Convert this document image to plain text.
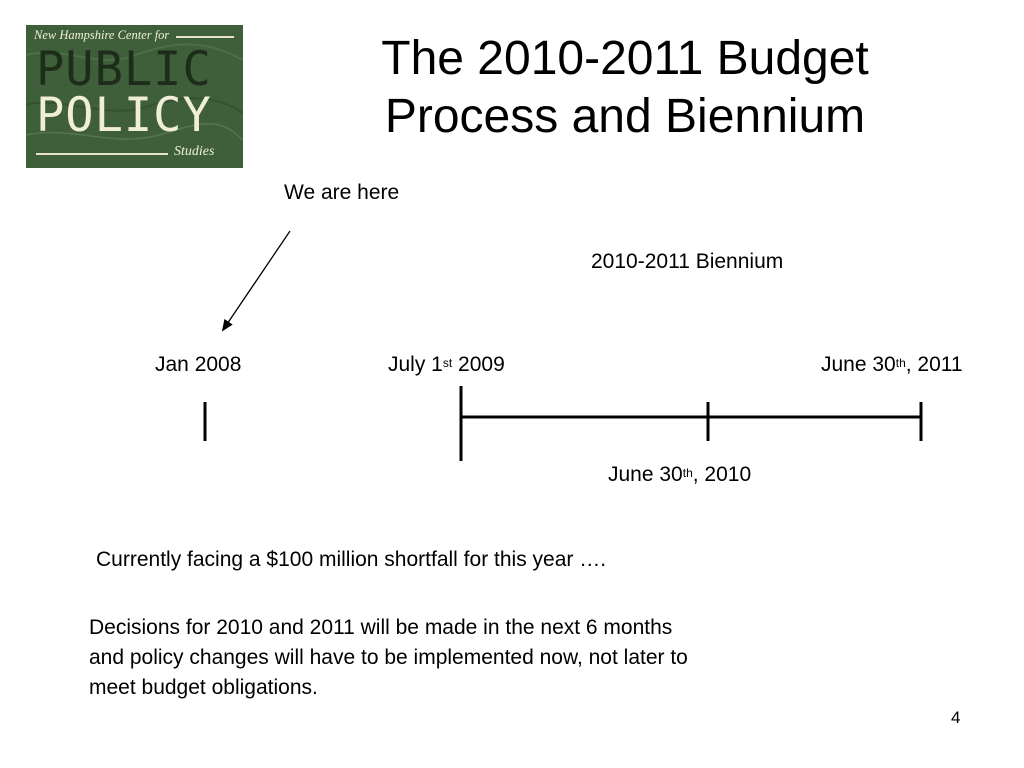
New Hampshire Center for
PUBLIC
POLICY
Studies
The 2010-2011 Budget
Process and Biennium
We are here
2010-2011 Biennium
Jan 2008	July 1st 2009	June 30th, 2011
June 30th, 2010
Currently facing a $100 million shortfall for this year ….
Decisions for 2010 and 2011 will be made in the next 6 months
and policy changes will have to be implemented now, not later to
meet budget obligations.
4
